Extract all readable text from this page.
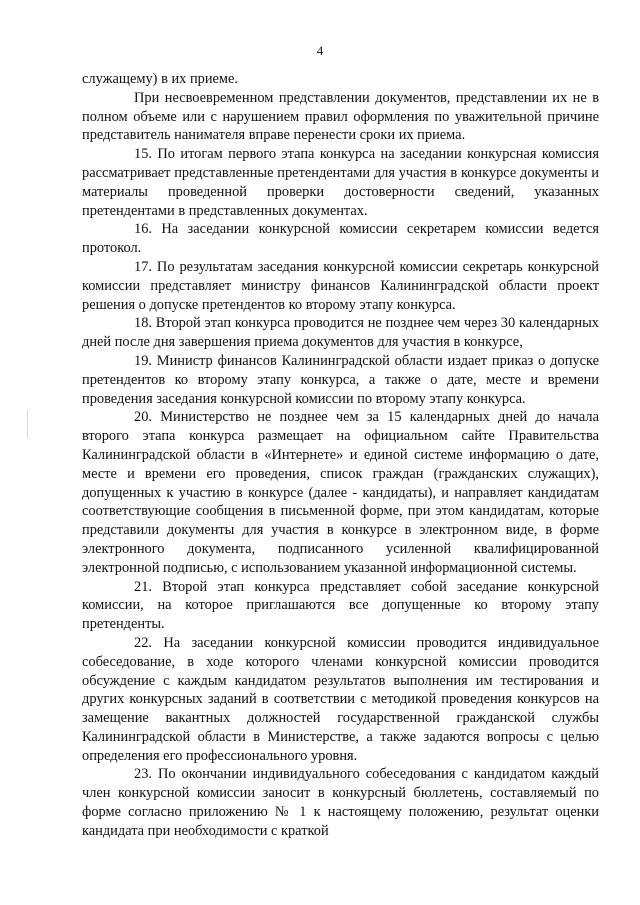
4

служащему) в их приеме.

При несвоевременном представлении документов, представлении их не в полном объеме или с нарушением правил оформления по уважительной причине представитель нанимателя вправе перенести сроки их приема.

15. По итогам первого этапа конкурса на заседании конкурсная комиссия рассматривает представленные претендентами для участия в конкурсе документы и материалы проведенной проверки достоверности сведений, указанных претендентами в представленных документах.

16. На заседании конкурсной комиссии секретарем комиссии ведется протокол.

17. По результатам заседания конкурсной комиссии секретарь конкурсной комиссии представляет министру финансов Калининградской области проект решения о допуске претендентов ко второму этапу конкурса.

18. Второй этап конкурса проводится не позднее чем через 30 календарных дней после дня завершения приема документов для участия в конкурсе,

19. Министр финансов Калининградской области издает приказ о допуске претендентов ко второму этапу конкурса, а также о дате, месте и времени проведения заседания конкурсной комиссии по второму этапу конкурса.

20. Министерство не позднее чем за 15 календарных дней до начала второго этапа конкурса размещает на официальном сайте Правительства Калининградской области в «Интернете» и единой системе информацию о дате, месте и времени его проведения, список граждан (гражданских служащих), допущенных к участию в конкурсе (далее - кандидаты), и направляет кандидатам соответствующие сообщения в письменной форме, при этом кандидатам, которые представили документы для участия в конкурсе в электронном виде, в форме электронного документа, подписанного усиленной квалифицированной электронной подписью, с использованием указанной информационной системы.

21. Второй этап конкурса представляет собой заседание конкурсной комиссии, на которое приглашаются все допущенные ко второму этапу претенденты.

22. На заседании конкурсной комиссии проводится индивидуальное собеседование, в ходе которого членами конкурсной комиссии проводится обсуждение с каждым кандидатом результатов выполнения им тестирования и других конкурсных заданий в соответствии с методикой проведения конкурсов на замещение вакантных должностей государственной гражданской службы Калининградской области в Министерстве, а также задаются вопросы с целью определения его профессионального уровня.

23. По окончании индивидуального собеседования с кандидатом каждый член конкурсной комиссии заносит в конкурсный бюллетень, составляемый по форме согласно приложению № 1 к настоящему положению, результат оценки кандидата при необходимости с краткой
